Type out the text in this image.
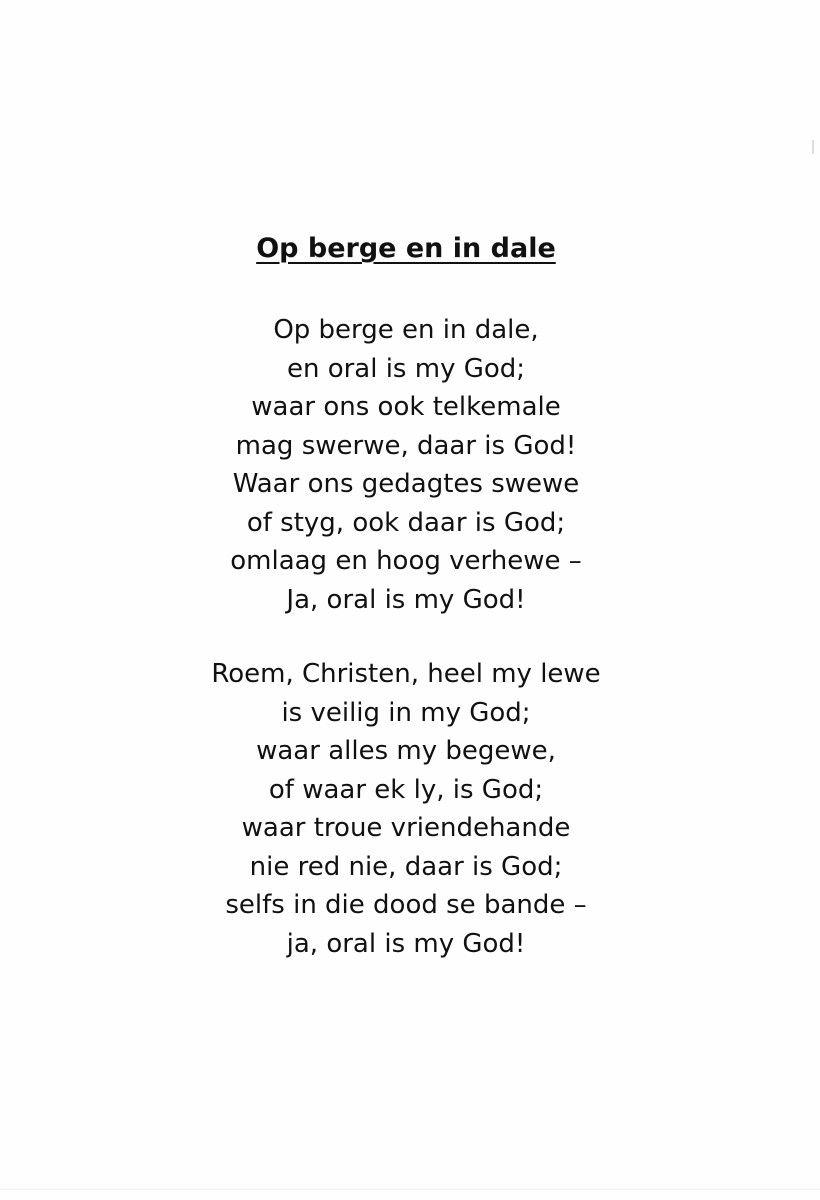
Op berge en in dale
Op berge en in dale,
en oral is my God;
waar ons ook telkemale
mag swerwe, daar is God!
Waar ons gedagtes swewe
of styg, ook daar is God;
omlaag en hoog verhewe –
Ja, oral is my God!
Roem, Christen, heel my lewe
is veilig in my God;
waar alles my begewe,
of waar ek ly, is God;
waar troue vriendehande
nie red nie, daar is God;
selfs in die dood se bande –
ja, oral is my God!
